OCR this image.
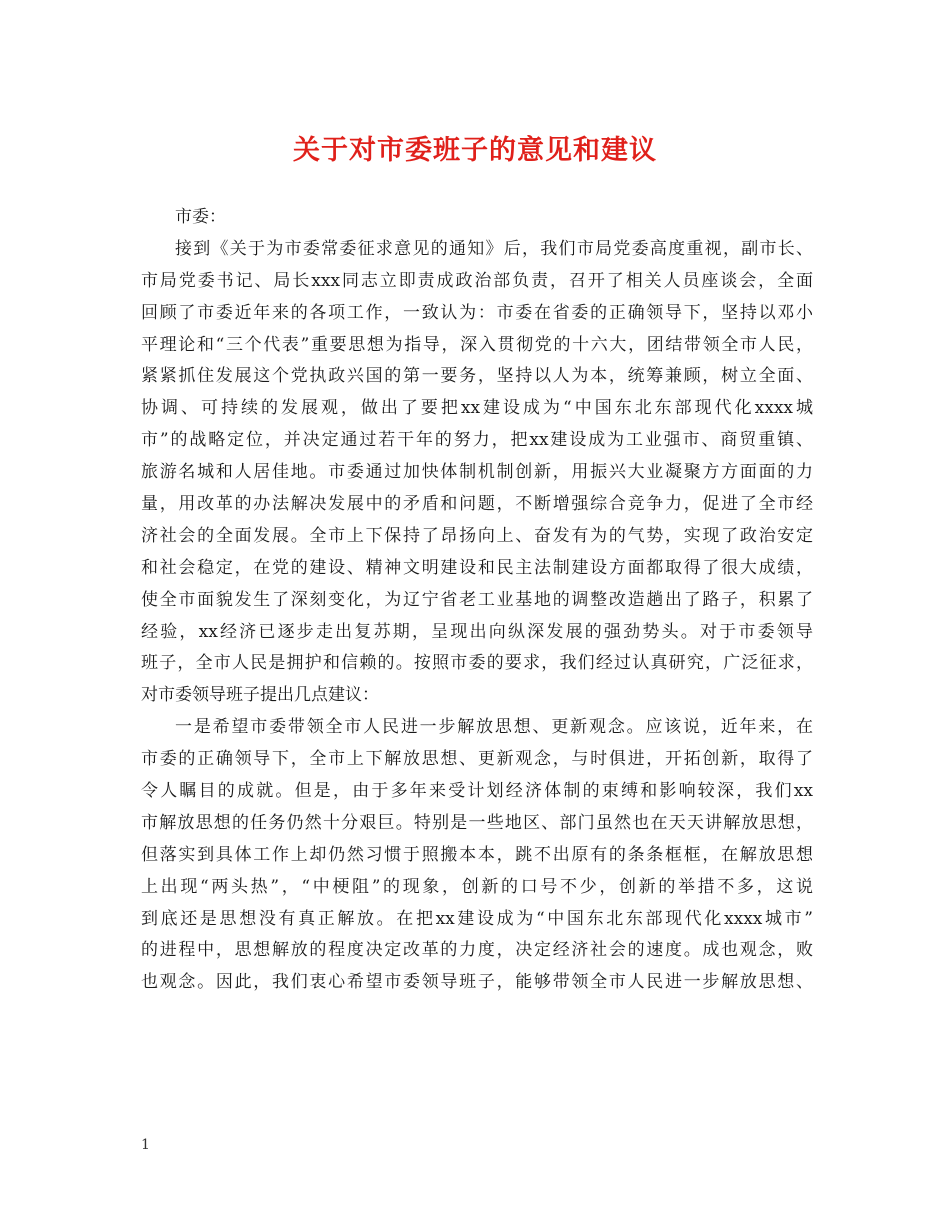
关于对市委班子的意见和建议
市委：
接到《关于为市委常委征求意见的通知》后，我们市局党委高度重视，副市长、
市局党委书记、局长xxx同志立即责成政治部负责，召开了相关人员座谈会，全面
回顾了市委近年来的各项工作，一致认为：市委在省委的正确领导下，坚持以邓小
平理论和“三个代表”重要思想为指导，深入贯彻党的十六大，团结带领全市人民，
紧紧抓住发展这个党执政兴国的第一要务，坚持以人为本，统筹兼顾，树立全面、
协调、可持续的发展观，做出了要把xx建设成为“中国东北东部现代化xxxx城
市”的战略定位，并决定通过若干年的努力，把xx建设成为工业强市、商贸重镇、
旅游名城和人居佳地。市委通过加快体制机制创新，用振兴大业凝聚方方面面的力
量，用改革的办法解决发展中的矛盾和问题，不断增强综合竞争力，促进了全市经
济社会的全面发展。全市上下保持了昂扬向上、奋发有为的气势，实现了政治安定
和社会稳定，在党的建设、精神文明建设和民主法制建设方面都取得了很大成绩，
使全市面貌发生了深刻变化，为辽宁省老工业基地的调整改造趟出了路子，积累了
经验，xx经济已逐步走出复苏期，呈现出向纵深发展的强劲势头。对于市委领导
班子，全市人民是拥护和信赖的。按照市委的要求，我们经过认真研究，广泛征求，
对市委领导班子提出几点建议：
一是希望市委带领全市人民进一步解放思想、更新观念。应该说，近年来，在
市委的正确领导下，全市上下解放思想、更新观念，与时俱进，开拓创新，取得了
令人瞩目的成就。但是，由于多年来受计划经济体制的束缚和影响较深，我们xx
市解放思想的任务仍然十分艰巨。特别是一些地区、部门虽然也在天天讲解放思想，
但落实到具体工作上却仍然习惯于照搬本本，跳不出原有的条条框框，在解放思想
上出现“两头热”，“中梗阻”的现象，创新的口号不少，创新的举措不多，这说
到底还是思想没有真正解放。在把xx建设成为“中国东北东部现代化xxxx城市”
的进程中，思想解放的程度决定改革的力度，决定经济社会的速度。成也观念，败
也观念。因此，我们衷心希望市委领导班子，能够带领全市人民进一步解放思想、
1
